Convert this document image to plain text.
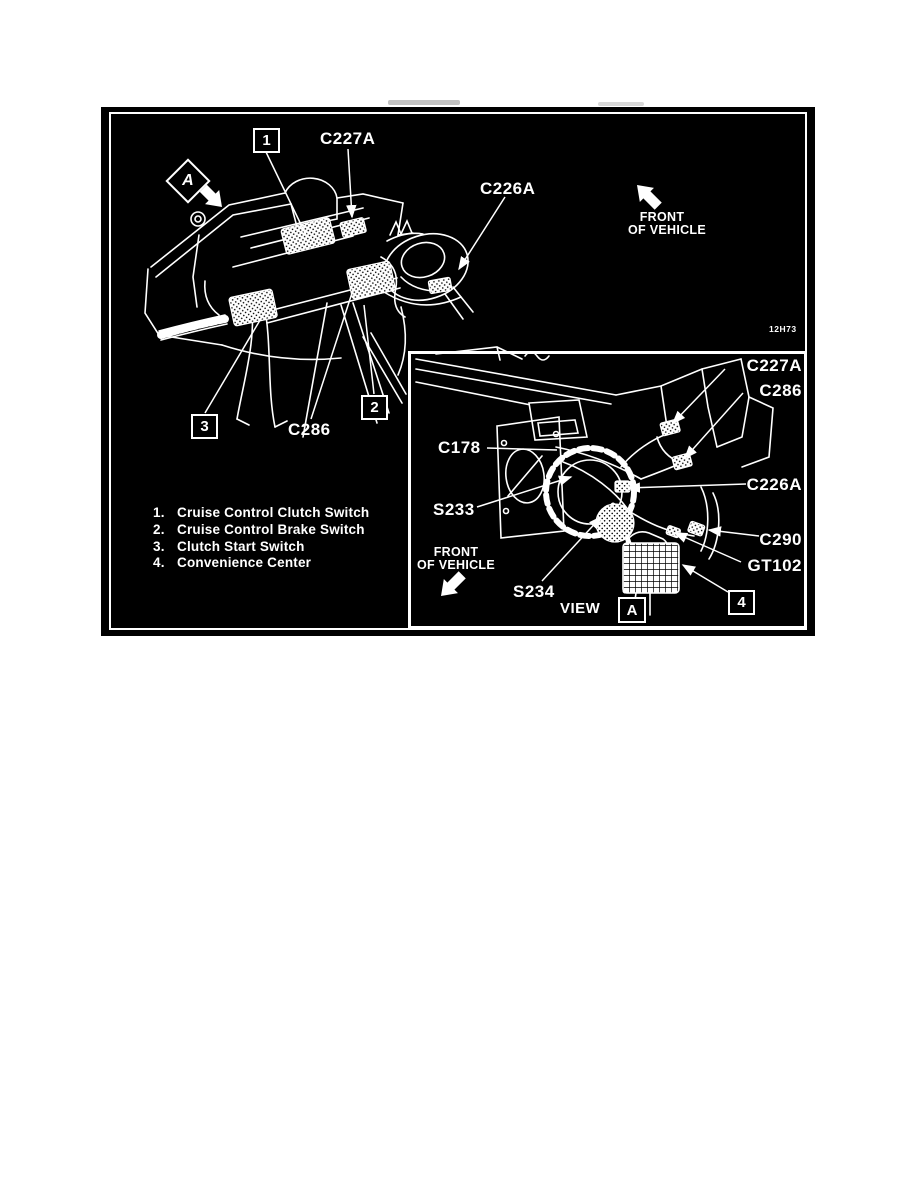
1	C227A
C226A
A
3	C286
2
FRONT
OF VEHICLE
12H73
C227A
C286
C178
S233
C226A
C290
GT102
S234
4
VIEW A
FRONT
OF VEHICLE
1. Cruise Control Clutch Switch
2. Cruise Control Brake Switch
3. Clutch Start Switch
4. Convenience Center
